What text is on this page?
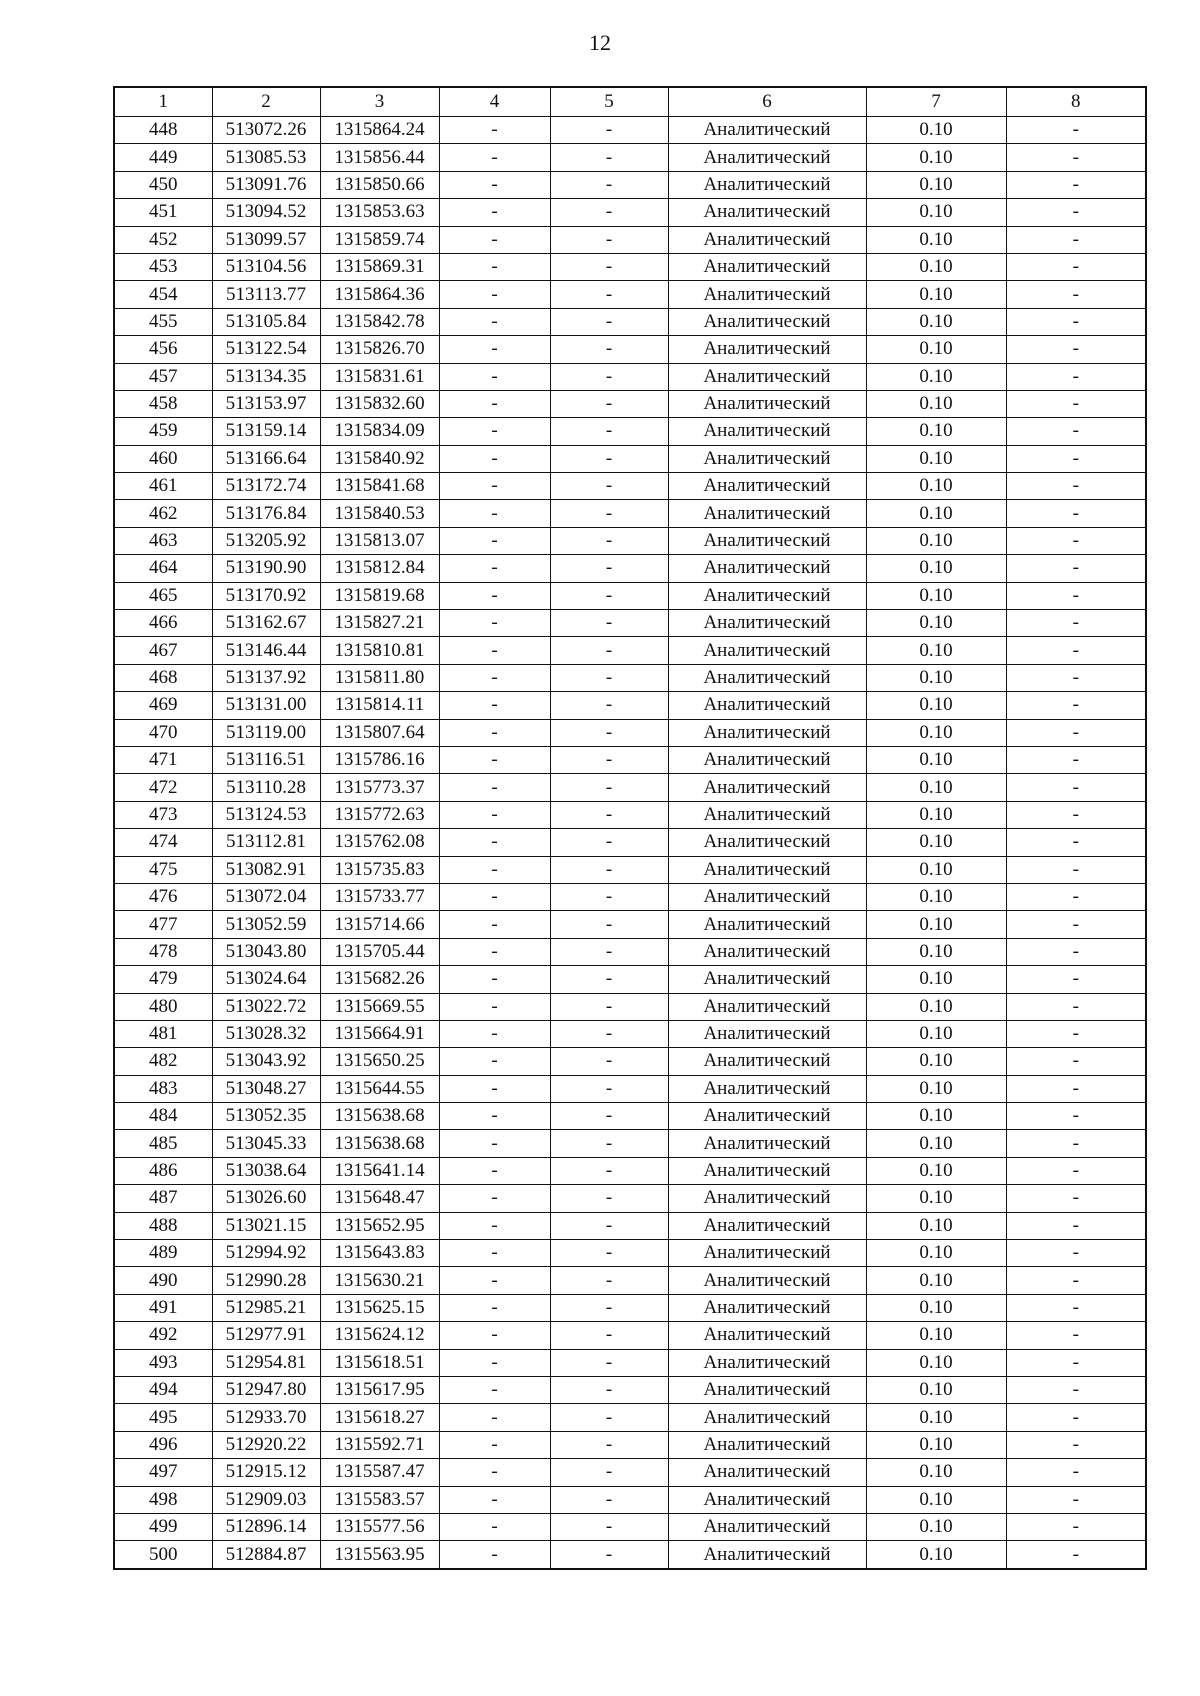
12
1	2	3	4	5	6	7	8
448	513072.26	1315864.24	-	-	Аналитический	0.10	-
449	513085.53	1315856.44	-	-	Аналитический	0.10	-
450	513091.76	1315850.66	-	-	Аналитический	0.10	-
451	513094.52	1315853.63	-	-	Аналитический	0.10	-
452	513099.57	1315859.74	-	-	Аналитический	0.10	-
453	513104.56	1315869.31	-	-	Аналитический	0.10	-
454	513113.77	1315864.36	-	-	Аналитический	0.10	-
455	513105.84	1315842.78	-	-	Аналитический	0.10	-
456	513122.54	1315826.70	-	-	Аналитический	0.10	-
457	513134.35	1315831.61	-	-	Аналитический	0.10	-
458	513153.97	1315832.60	-	-	Аналитический	0.10	-
459	513159.14	1315834.09	-	-	Аналитический	0.10	-
460	513166.64	1315840.92	-	-	Аналитический	0.10	-
461	513172.74	1315841.68	-	-	Аналитический	0.10	-
462	513176.84	1315840.53	-	-	Аналитический	0.10	-
463	513205.92	1315813.07	-	-	Аналитический	0.10	-
464	513190.90	1315812.84	-	-	Аналитический	0.10	-
465	513170.92	1315819.68	-	-	Аналитический	0.10	-
466	513162.67	1315827.21	-	-	Аналитический	0.10	-
467	513146.44	1315810.81	-	-	Аналитический	0.10	-
468	513137.92	1315811.80	-	-	Аналитический	0.10	-
469	513131.00	1315814.11	-	-	Аналитический	0.10	-
470	513119.00	1315807.64	-	-	Аналитический	0.10	-
471	513116.51	1315786.16	-	-	Аналитический	0.10	-
472	513110.28	1315773.37	-	-	Аналитический	0.10	-
473	513124.53	1315772.63	-	-	Аналитический	0.10	-
474	513112.81	1315762.08	-	-	Аналитический	0.10	-
475	513082.91	1315735.83	-	-	Аналитический	0.10	-
476	513072.04	1315733.77	-	-	Аналитический	0.10	-
477	513052.59	1315714.66	-	-	Аналитический	0.10	-
478	513043.80	1315705.44	-	-	Аналитический	0.10	-
479	513024.64	1315682.26	-	-	Аналитический	0.10	-
480	513022.72	1315669.55	-	-	Аналитический	0.10	-
481	513028.32	1315664.91	-	-	Аналитический	0.10	-
482	513043.92	1315650.25	-	-	Аналитический	0.10	-
483	513048.27	1315644.55	-	-	Аналитический	0.10	-
484	513052.35	1315638.68	-	-	Аналитический	0.10	-
485	513045.33	1315638.68	-	-	Аналитический	0.10	-
486	513038.64	1315641.14	-	-	Аналитический	0.10	-
487	513026.60	1315648.47	-	-	Аналитический	0.10	-
488	513021.15	1315652.95	-	-	Аналитический	0.10	-
489	512994.92	1315643.83	-	-	Аналитический	0.10	-
490	512990.28	1315630.21	-	-	Аналитический	0.10	-
491	512985.21	1315625.15	-	-	Аналитический	0.10	-
492	512977.91	1315624.12	-	-	Аналитический	0.10	-
493	512954.81	1315618.51	-	-	Аналитический	0.10	-
494	512947.80	1315617.95	-	-	Аналитический	0.10	-
495	512933.70	1315618.27	-	-	Аналитический	0.10	-
496	512920.22	1315592.71	-	-	Аналитический	0.10	-
497	512915.12	1315587.47	-	-	Аналитический	0.10	-
498	512909.03	1315583.57	-	-	Аналитический	0.10	-
499	512896.14	1315577.56	-	-	Аналитический	0.10	-
500	512884.87	1315563.95	-	-	Аналитический	0.10	-
